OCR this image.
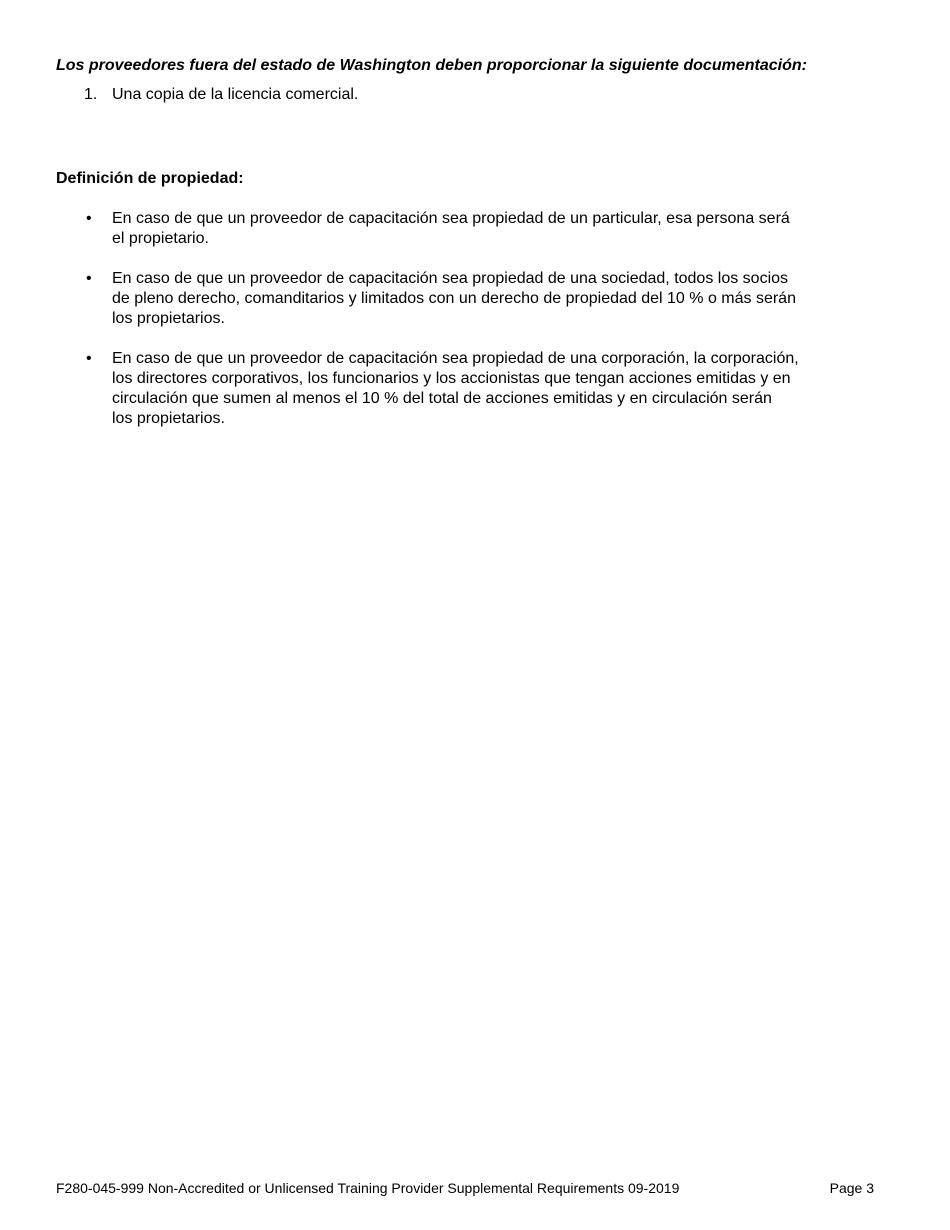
Los proveedores fuera del estado de Washington deben proporcionar la siguiente documentación:
1. Una copia de la licencia comercial.
Definición de propiedad:
• En caso de que un proveedor de capacitación sea propiedad de un particular, esa persona será
el propietario.
• En caso de que un proveedor de capacitación sea propiedad de una sociedad, todos los socios
de pleno derecho, comanditarios y limitados con un derecho de propiedad del 10 % o más serán
los propietarios.
• En caso de que un proveedor de capacitación sea propiedad de una corporación, la corporación,
los directores corporativos, los funcionarios y los accionistas que tengan acciones emitidas y en
circulación que sumen al menos el 10 % del total de acciones emitidas y en circulación serán
los propietarios.
F280-045-999 Non-Accredited or Unlicensed Training Provider Supplemental Requirements 09-2019	Page 3
